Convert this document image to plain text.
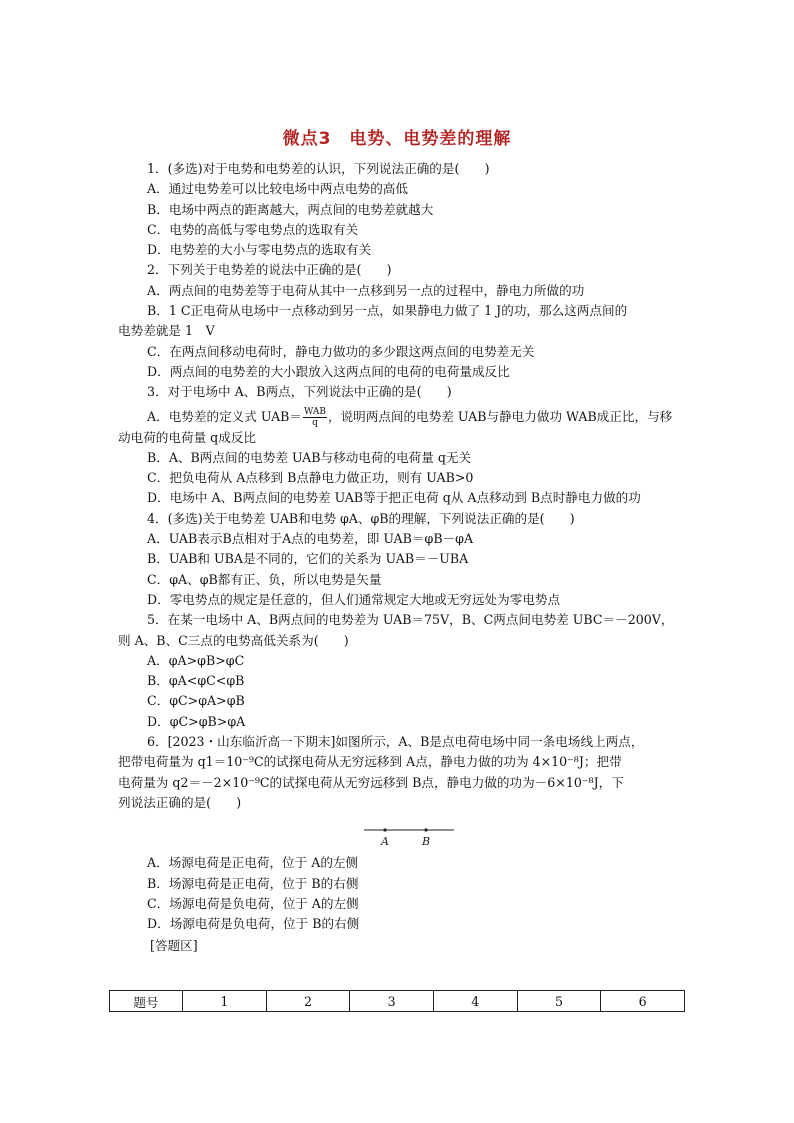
微点3　电势、电势差的理解
1．(多选)对于电势和电势差的认识，下列说法正确的是(　　)
A．通过电势差可以比较电场中两点电势的高低
B．电场中两点的距离越大，两点间的电势差就越大
C．电势的高低与零电势点的选取有关
D．电势差的大小与零电势点的选取有关
2．下列关于电势差的说法中正确的是(　　)
A．两点间的电势差等于电荷从其中一点移到另一点的过程中，静电力所做的功
B．1 C正电荷从电场中一点移动到另一点，如果静电力做了 1 J的功，那么这两点间的
电势差就是 1　V
C．在两点间移动电荷时，静电力做功的多少跟这两点间的电势差无关
D．两点间的电势差的大小跟放入这两点间的电荷的电荷量成反比
3．对于电场中 A、B两点，下列说法中正确的是(　　)
A．电势差的定义式 $UAB= \frac{\text{WAB}}{q}$ ，说明两点间的电势差 UAB与静电力做功 WAB成正比，与移
动电荷的电荷量 q成反比
B．A、B两点间的电势差 UAB与移动电荷的电荷量 q无关
C．把负电荷从 A点移到 B点静电力做正功，则有 UAB>0
D．电场中 A、B两点间的电势差 UAB等于把正电荷 q从 A点移动到 B点时静电力做的功
4．(多选)关于电势差 UAB和电势 φA、φB的理解，下列说法正确的是(　　)
A．UAB表示B点相对于A点的电势差，即 UAB＝φB－φA
B．UAB和 UBA是不同的，它们的关系为 UAB＝－UBA
C．φA、φB都有正、负，所以电势是矢量
D．零电势点的规定是任意的，但人们通常规定大地或无穷远处为零电势点
5．在某一电场中 A、B两点间的电势差为 UAB＝75V，B、C两点间电势差 UBC＝－200V，
则 A、B、C三点的电势高低关系为(　　)
A．φA>φB>φC
B．φA<φC<φB
C．φC>φA>φB
D．φC>φB>φA
6．[2023・山东临沂高一下期末]如图所示，A、B是点电荷电场中同一条电场线上两点，
把带电荷量为 q1＝10⁻⁹C的试探电荷从无穷远移到 A点，静电力做的功为 4×10⁻⁸J；把带
电荷量为 q2＝－2×10⁻⁹C的试探电荷从无穷远移到 B点，静电力做的功为－6×10⁻⁸J，下
列说法正确的是(　　)
A	B
A．场源电荷是正电荷，位于 A的左侧
B．场源电荷是正电荷，位于 B的右侧
C．场源电荷是负电荷，位于 A的左侧
D．场源电荷是负电荷，位于 B的右侧
[答题区]
题号	1	2	3	4	5	6
